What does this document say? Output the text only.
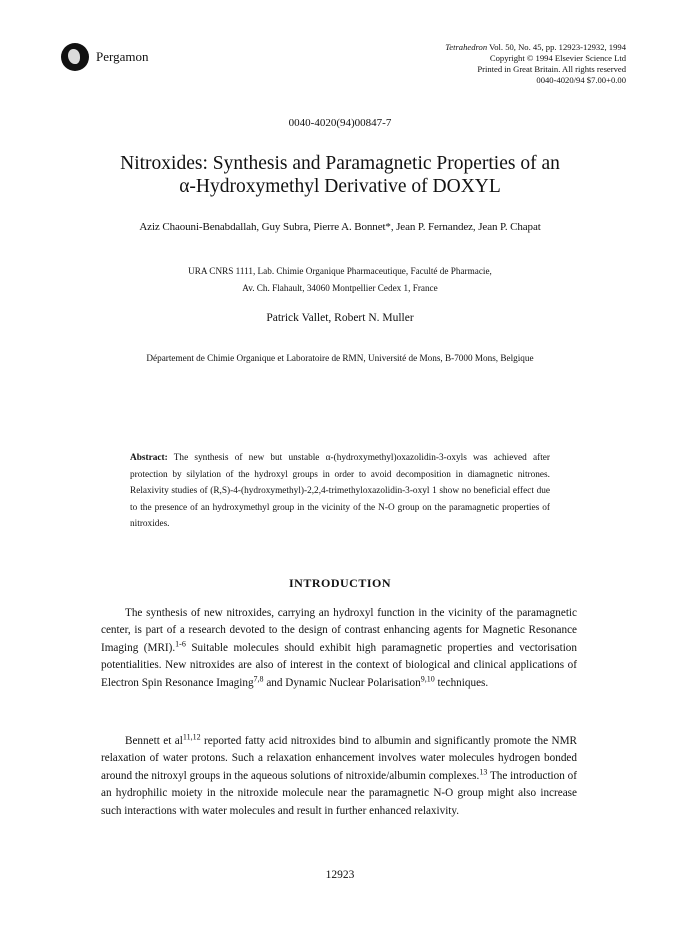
Pergamon
Tetrahedron Vol. 50, No. 45, pp. 12923-12932, 1994
Copyright © 1994 Elsevier Science Ltd
Printed in Great Britain. All rights reserved
0040-4020/94 $7.00+0.00
0040-4020(94)00847-7
Nitroxides: Synthesis and Paramagnetic Properties of an
α-Hydroxymethyl Derivative of DOXYL
Aziz Chaouni-Benabdallah, Guy Subra, Pierre A. Bonnet*, Jean P. Fernandez, Jean P. Chapat
URA CNRS 1111, Lab. Chimie Organique Pharmaceutique, Faculté de Pharmacie,
Av. Ch. Flahault, 34060 Montpellier Cedex 1, France
Patrick Vallet, Robert N. Muller
Département de Chimie Organique et Laboratoire de RMN, Université de Mons, B-7000 Mons, Belgique
Abstract: The synthesis of new but unstable α-(hydroxymethyl)oxazolidin-3-oxyls was achieved after protection by silylation of the hydroxyl groups in order to avoid decomposition in diamagnetic nitrones. Relaxivity studies of (R,S)-4-(hydroxymethyl)-2,2,4-trimethyloxazolidin-3-oxyl 1 show no beneficial effect due to the presence of an hydroxymethyl group in the vicinity of the N-O group on the paramagnetic properties of nitroxides.
INTRODUCTION
The synthesis of new nitroxides, carrying an hydroxyl function in the vicinity of the paramagnetic center, is part of a research devoted to the design of contrast enhancing agents for Magnetic Resonance Imaging (MRI).$^{1-6}$ Suitable molecules should exhibit high paramagnetic properties and vectorisation potentialities. New nitroxides are also of interest in the context of biological and clinical applications of Electron Spin Resonance Imaging$^{7,8}$ and Dynamic Nuclear Polarisation$^{9,10}$ techniques.
Bennett et al$^{11,12}$ reported fatty acid nitroxides bind to albumin and significantly promote the NMR relaxation of water protons. Such a relaxation enhancement involves water molecules hydrogen bonded around the nitroxyl groups in the aqueous solutions of nitroxide/albumin complexes.$^{13}$ The introduction of an hydrophilic moiety in the nitroxide molecule near the paramagnetic N-O group might also increase such interactions with water molecules and result in further enhanced relaxivity.
12923
